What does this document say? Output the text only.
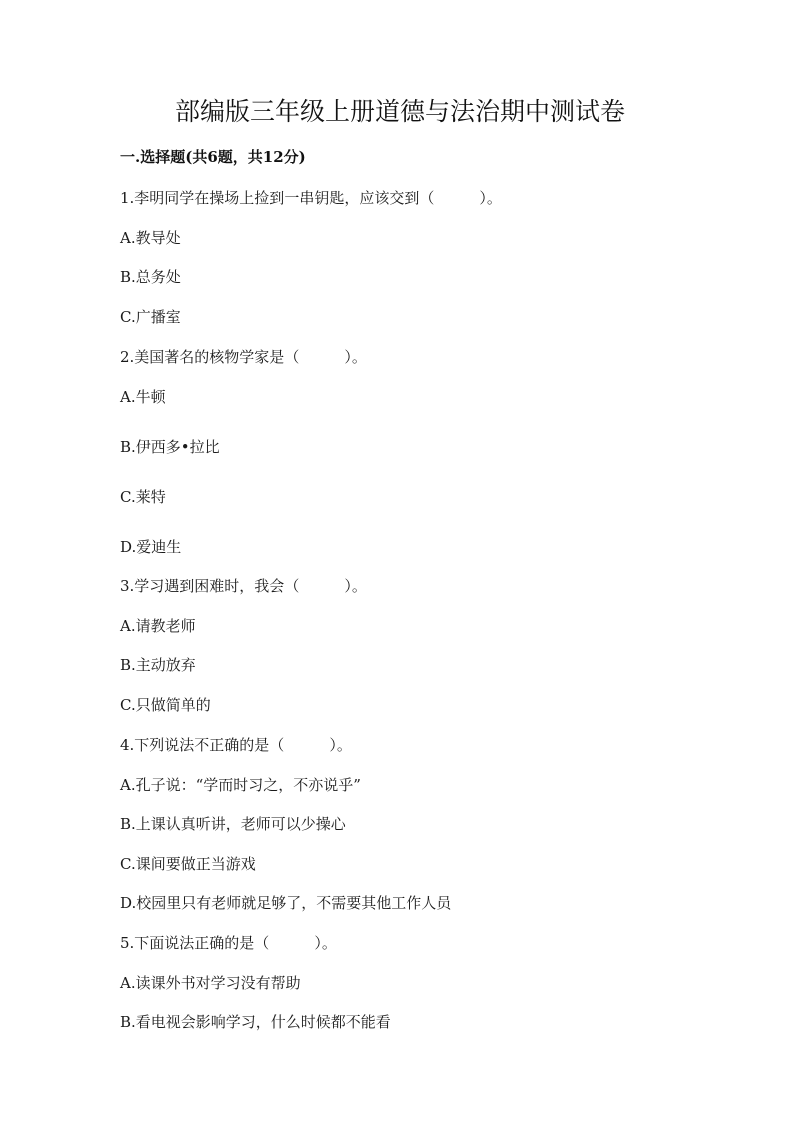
部编版三年级上册道德与法治期中测试卷
一.选择题(共6题，共12分)
1.李明同学在操场上捡到一串钥匙，应该交到（　　　）。
A.教导处
B.总务处
C.广播室
2.美国著名的核物学家是（　　　）。
A.牛顿
B.伊西多•拉比
C.莱特
D.爱迪生
3.学习遇到困难时，我会（　　　）。
A.请教老师
B.主动放弃
C.只做简单的
4.下列说法不正确的是（　　　）。
A.孔子说：“学而时习之，不亦说乎”
B.上课认真听讲，老师可以少操心
C.课间要做正当游戏
D.校园里只有老师就足够了，不需要其他工作人员
5.下面说法正确的是（　　　）。
A.读课外书对学习没有帮助
B.看电视会影响学习，什么时候都不能看
